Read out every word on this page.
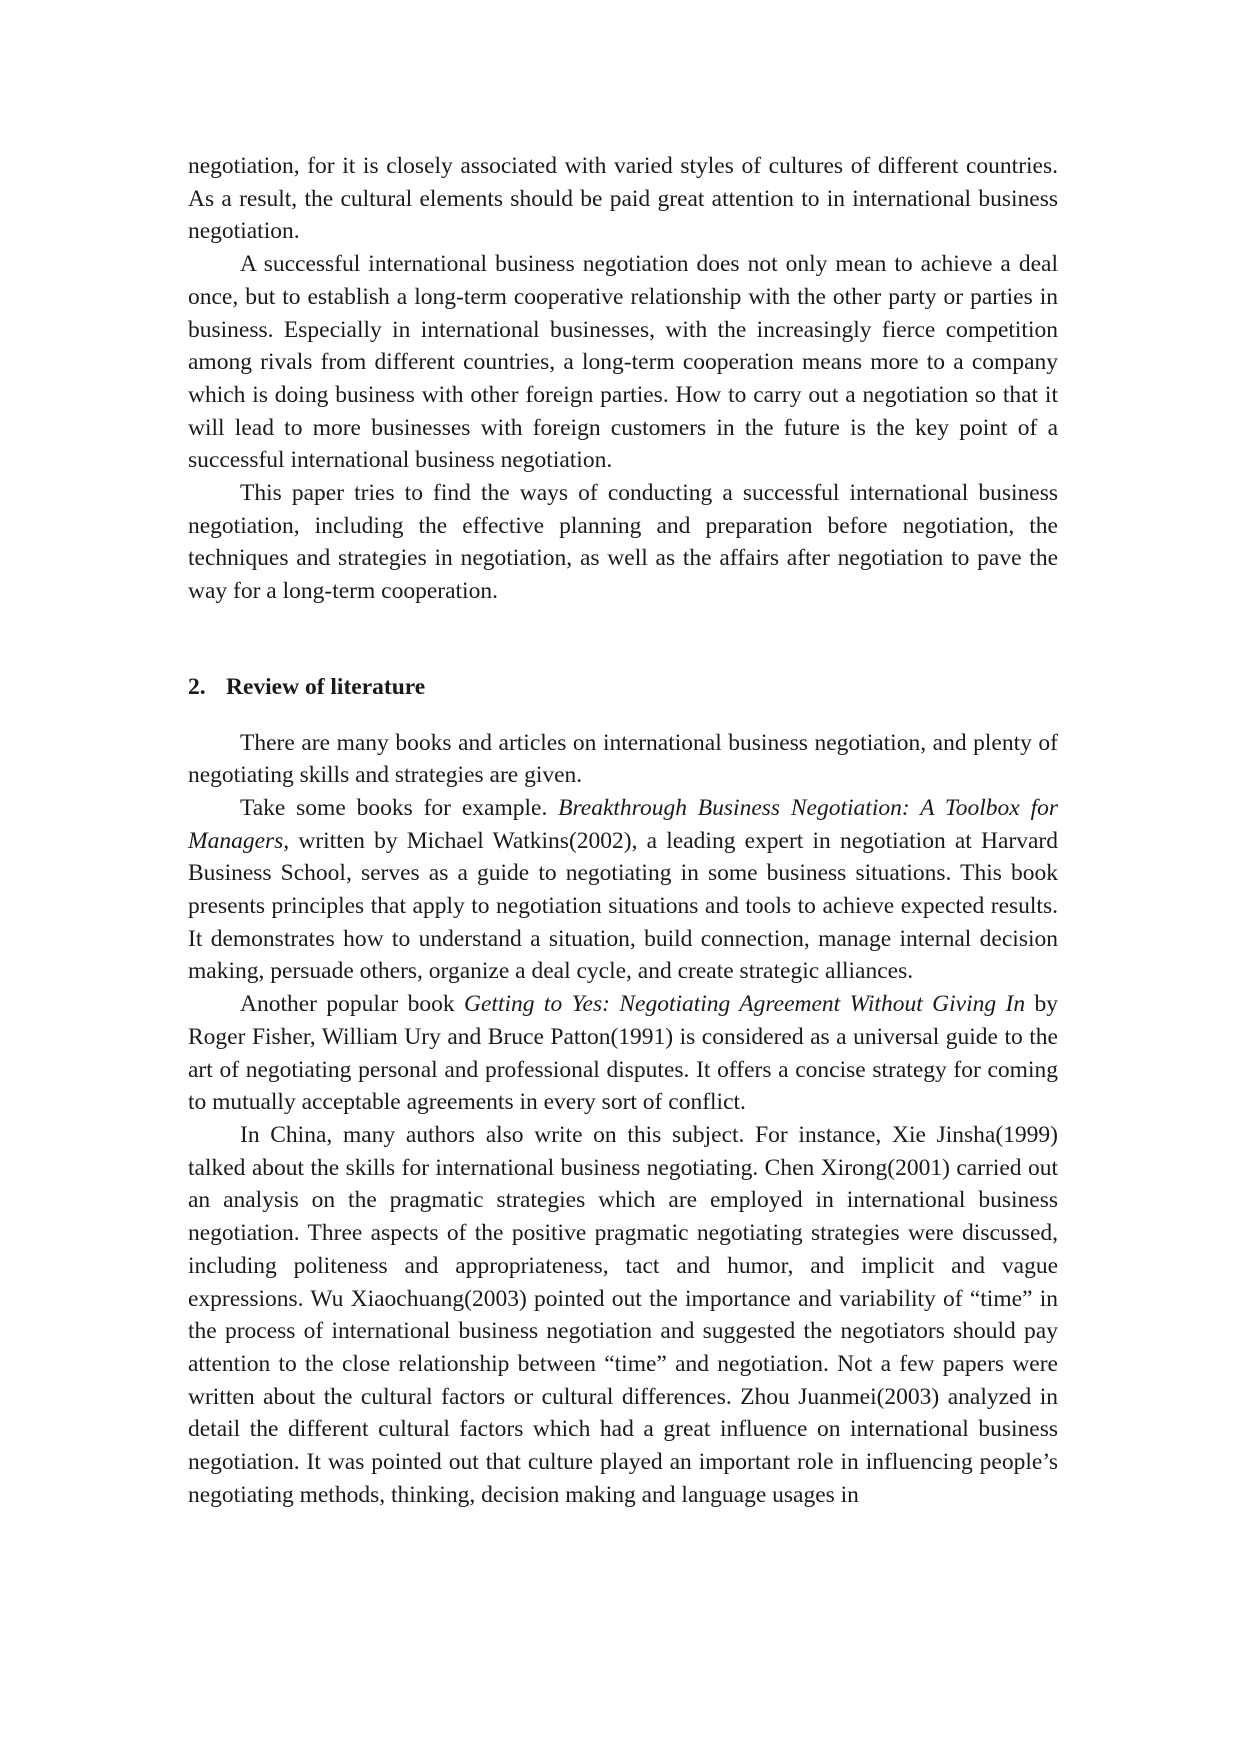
negotiation, for it is closely associated with varied styles of cultures of different countries. As a result, the cultural elements should be paid great attention to in international business negotiation.

A successful international business negotiation does not only mean to achieve a deal once, but to establish a long-term cooperative relationship with the other party or parties in business. Especially in international businesses, with the increasingly fierce competition among rivals from different countries, a long-term cooperation means more to a company which is doing business with other foreign parties. How to carry out a negotiation so that it will lead to more businesses with foreign customers in the future is the key point of a successful international business negotiation.

This paper tries to find the ways of conducting a successful international business negotiation, including the effective planning and preparation before negotiation, the techniques and strategies in negotiation, as well as the affairs after negotiation to pave the way for a long-term cooperation.

2. Review of literature

There are many books and articles on international business negotiation, and plenty of negotiating skills and strategies are given.

Take some books for example. Breakthrough Business Negotiation: A Toolbox for Managers, written by Michael Watkins(2002), a leading expert in negotiation at Harvard Business School, serves as a guide to negotiating in some business situations. This book presents principles that apply to negotiation situations and tools to achieve expected results. It demonstrates how to understand a situation, build connection, manage internal decision making, persuade others, organize a deal cycle, and create strategic alliances.

Another popular book Getting to Yes: Negotiating Agreement Without Giving In by Roger Fisher, William Ury and Bruce Patton(1991) is considered as a universal guide to the art of negotiating personal and professional disputes. It offers a concise strategy for coming to mutually acceptable agreements in every sort of conflict.

In China, many authors also write on this subject. For instance, Xie Jinsha(1999) talked about the skills for international business negotiating. Chen Xirong(2001) carried out an analysis on the pragmatic strategies which are employed in international business negotiation. Three aspects of the positive pragmatic negotiating strategies were discussed, including politeness and appropriateness, tact and humor, and implicit and vague expressions. Wu Xiaochuang(2003) pointed out the importance and variability of “time” in the process of international business negotiation and suggested the negotiators should pay attention to the close relationship between “time” and negotiation. Not a few papers were written about the cultural factors or cultural differences. Zhou Juanmei(2003) analyzed in detail the different cultural factors which had a great influence on international business negotiation. It was pointed out that culture played an important role in influencing people’s negotiating methods, thinking, decision making and language usages in
